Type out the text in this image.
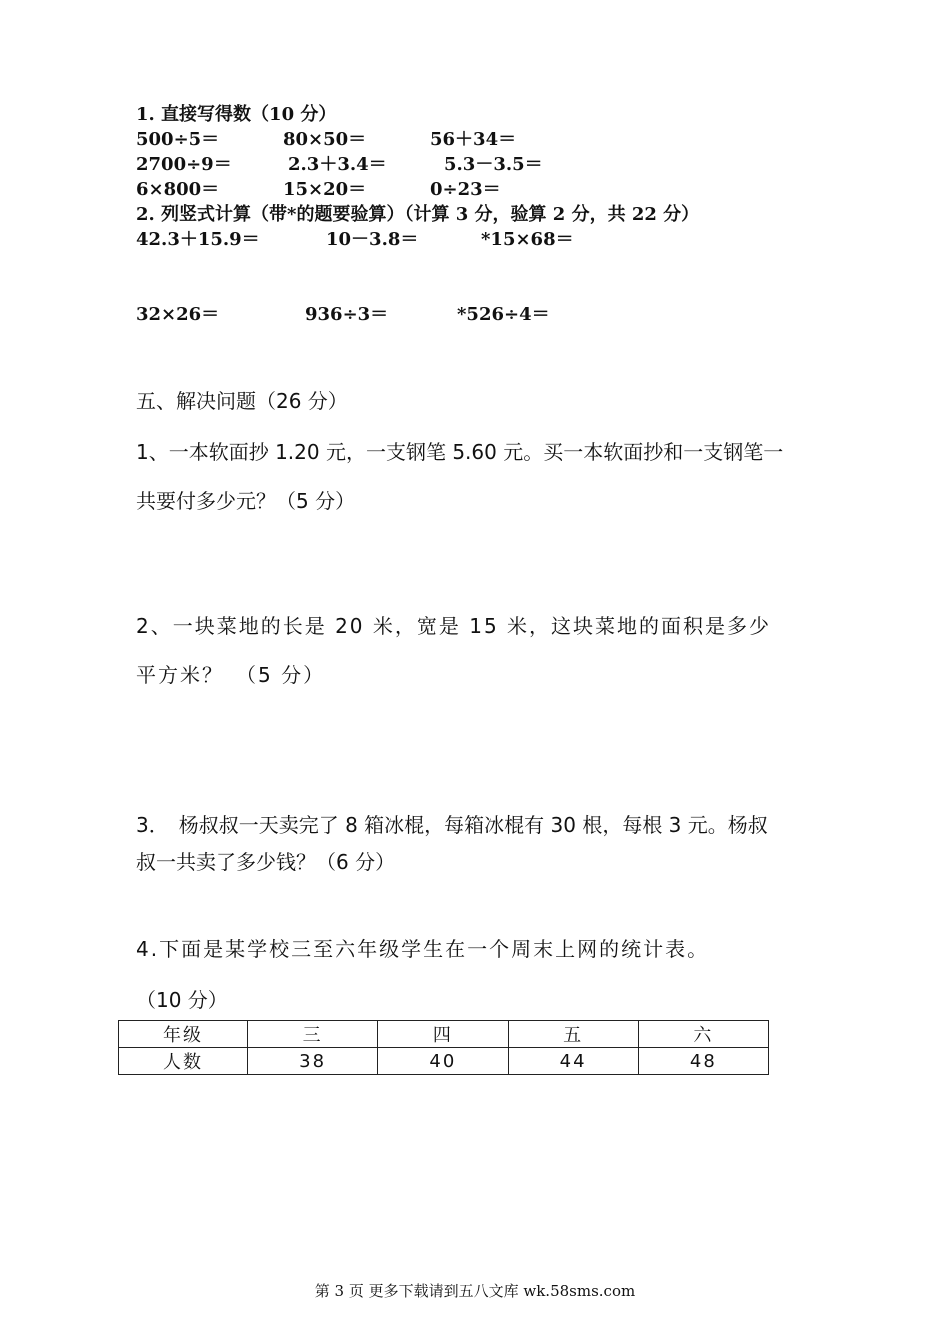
1. 直接写得数（10 分）
500÷5＝	80×50＝	56＋34＝
2700÷9＝	2.3＋3.4＝	5.3－3.5＝
6×800＝	15×20＝	0÷23＝
2. 列竖式计算（带*的题要验算）（计算 3 分，验算 2 分，共 22 分）
42.3＋15.9＝	10－3.8＝	*15×68＝
32×26＝	936÷3＝	*526÷4＝
五、解决问题（26 分）
1、一本软面抄 1.20 元，一支钢笔 5.60 元。买一本软面抄和一支钢笔一
共要付多少元？（5 分）
2、一块菜地的长是 20 米，宽是 15 米，这块菜地的面积是多少
平方米？　（5 分）
3．　杨叔叔一天卖完了 8 箱冰棍，每箱冰棍有 30 根，每根 3 元。杨叔
叔一共卖了多少钱？（6 分）
4.下面是某学校三至六年级学生在一个周末上网的统计表。
（10 分）
年级	三	四	五	六
人数	38	40	44	48
第 3 页 更多下载请到五八文库 wk.58sms.com
